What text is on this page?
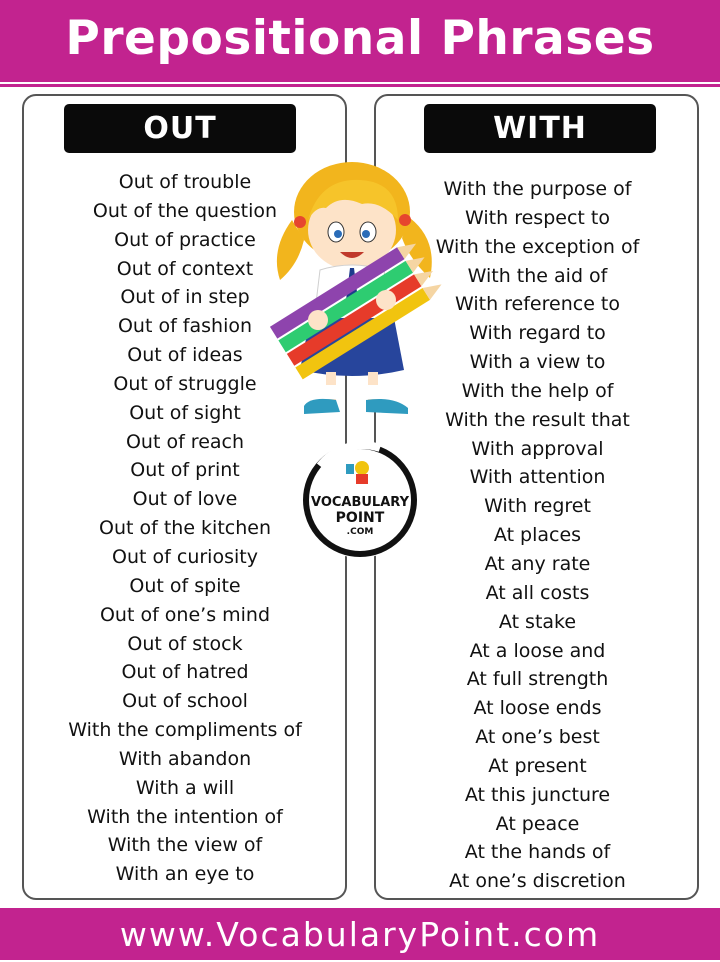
Prepositional Phrases
OUT	WITH
Out of trouble
Out of the question
Out of practice
Out of context
Out of in step
Out of fashion
Out of ideas
Out of struggle
Out of sight
Out of reach
Out of print
Out of love
Out of the kitchen
Out of curiosity
Out of spite
Out of one’s mind
Out of stock
Out of hatred
Out of school
With the compliments of
With abandon
With a will
With the intention of
With the view of
With an eye to
With the purpose of
With respect to
With the exception of
With the aid of
With reference to
With regard to
With a view to
With the help of
With the result that
With approval
With attention
With regret
At places
At any rate
At all costs
At stake
At a loose and
At full strength
At loose ends
At one’s best
At present
At this juncture
At peace
At the hands of
At one’s discretion
VOCABULARY
POINT
.COM
www.VocabularyPoint.com
